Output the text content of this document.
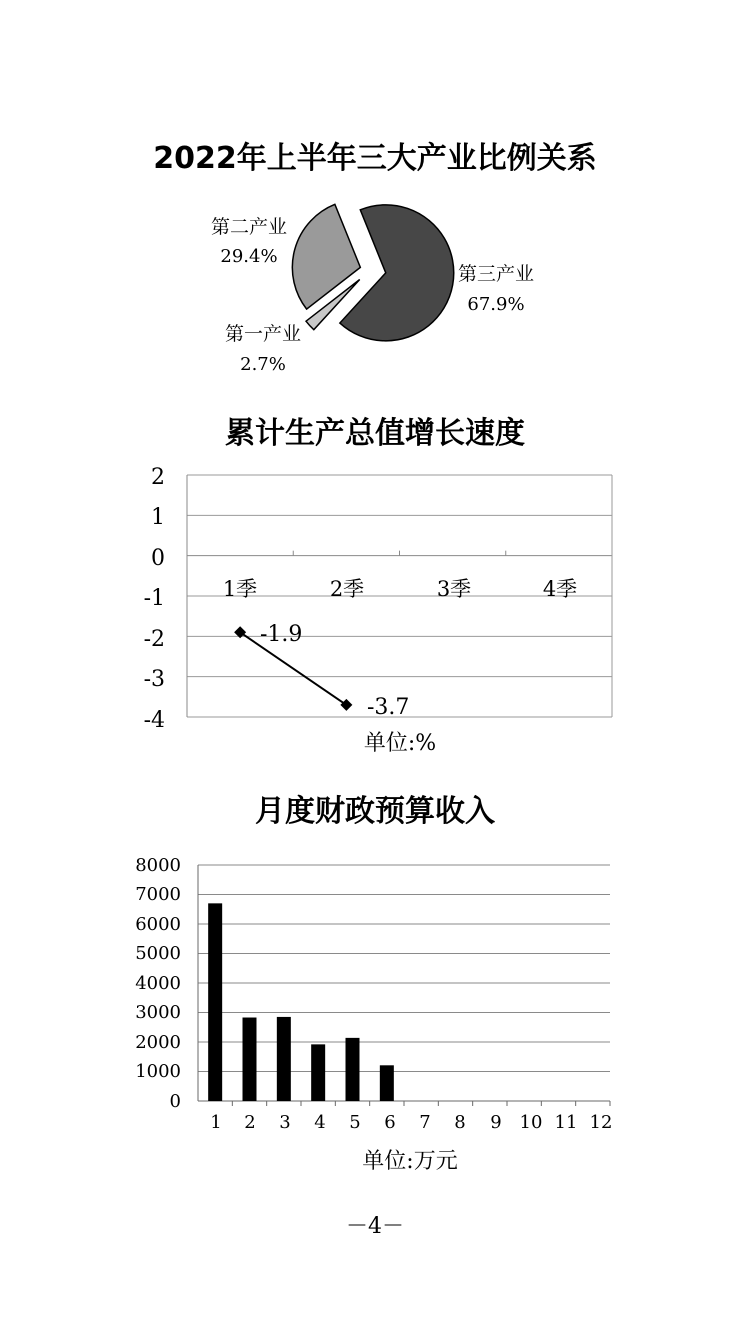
2022年上半年三大产业比例关系
第二产业
29.4%
第三产业
67.9%
第一产业
2.7%
累计生产总值增长速度
2
1
0
-1
-2
-3
-4
1季	2季	3季	4季
-1.9
-3.7
单位:%
月度财政预算收入
8000
7000
6000
5000
4000
3000
2000
1000
0
1 2 3 4 5 6 7 8 9 10 11 12
单位:万元
－4－
